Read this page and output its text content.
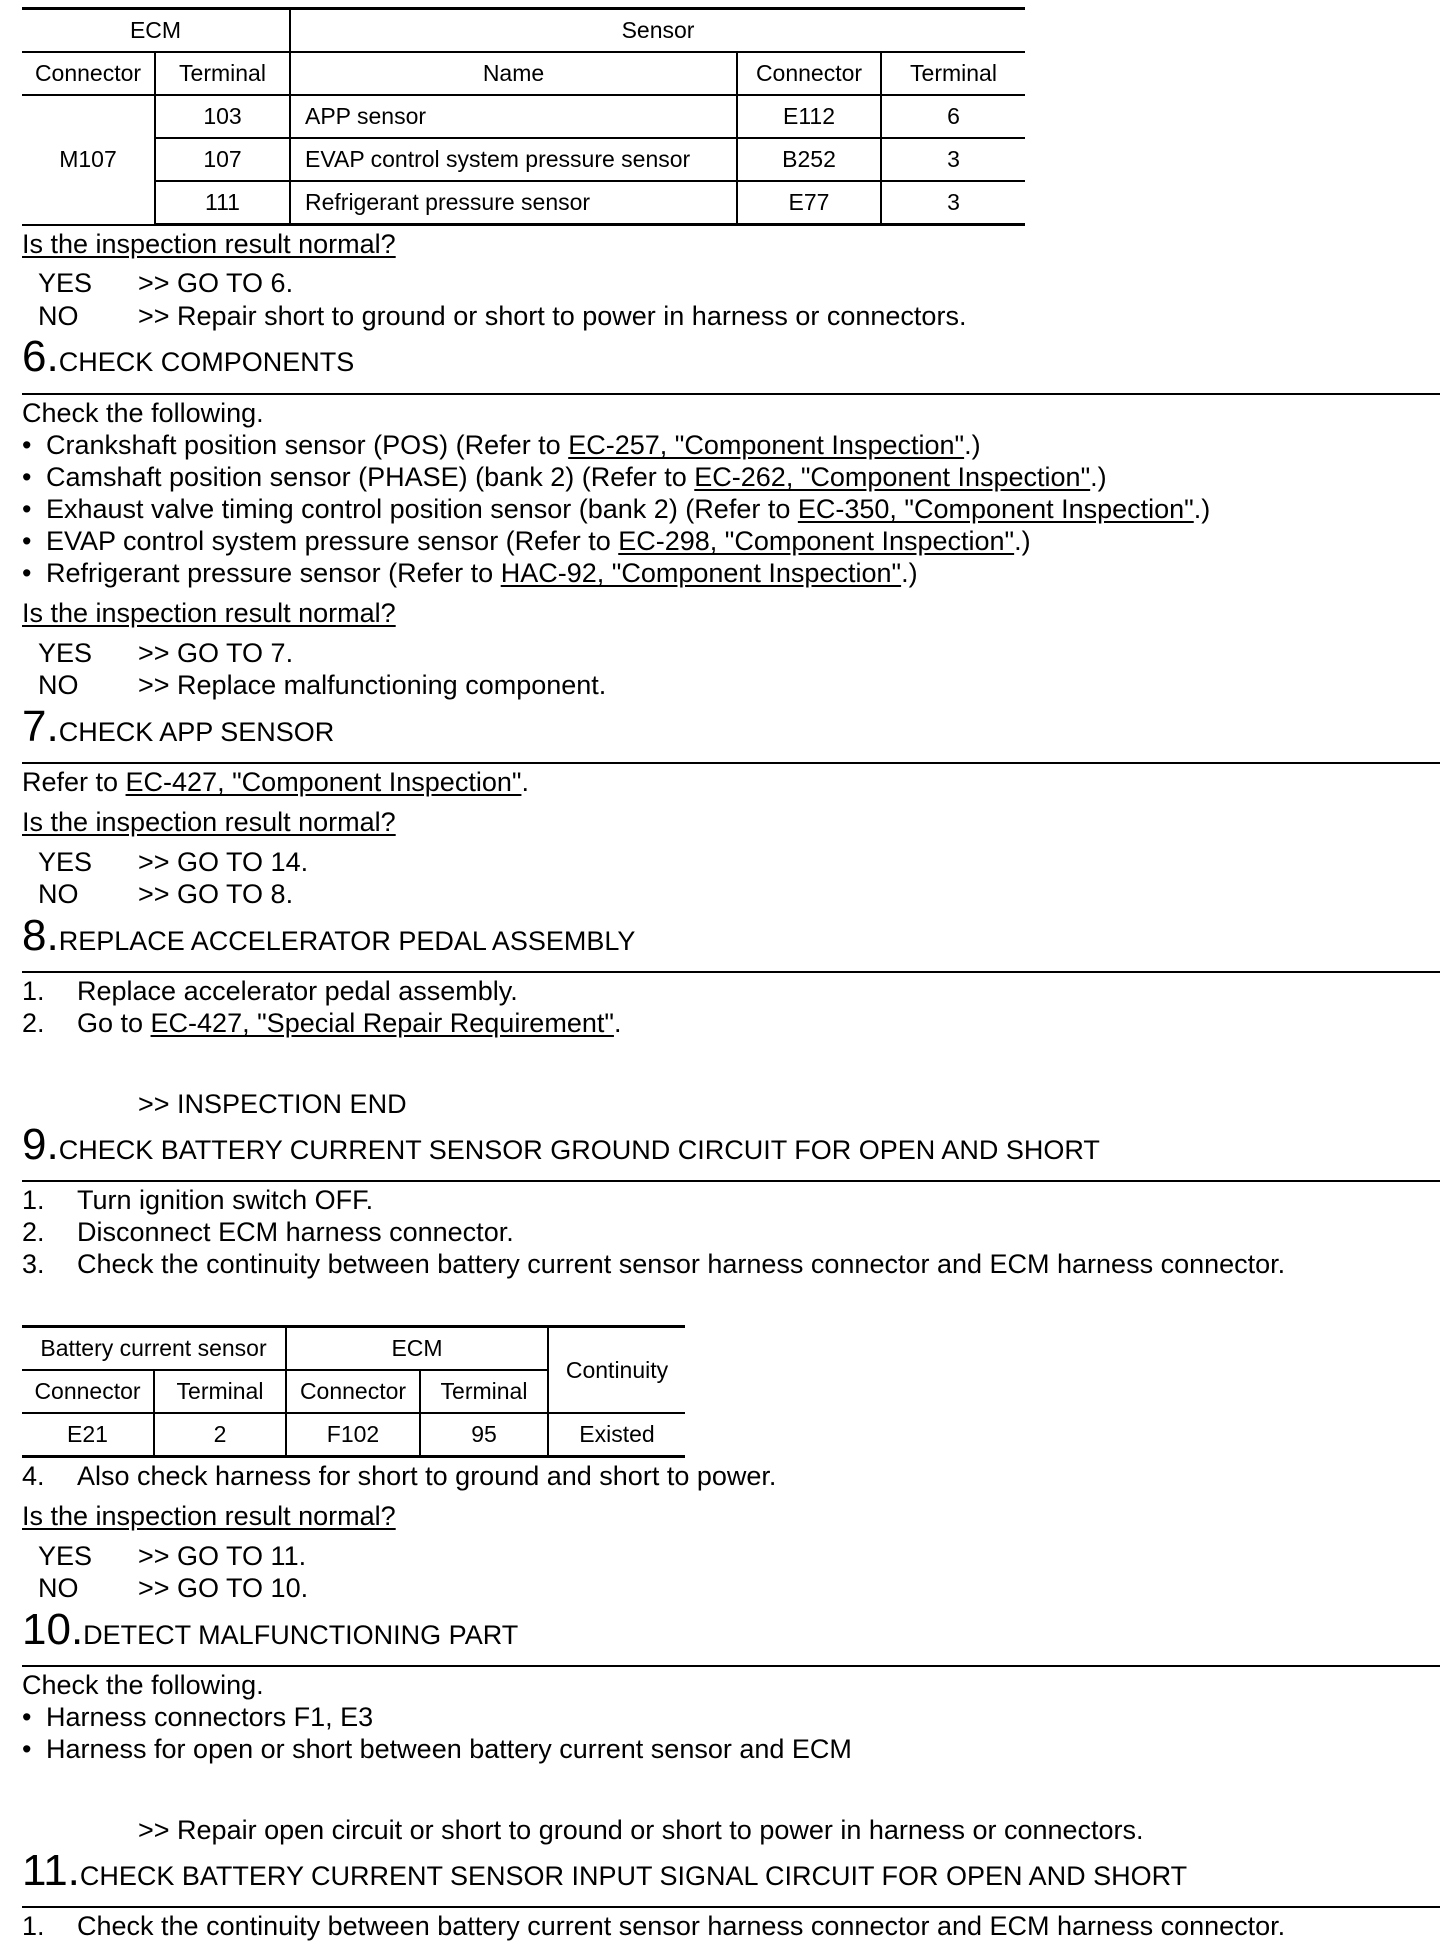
ECM		Sensor		
Connector	Terminal	Name	Connector	Terminal
M107	103	APP sensor	E112	6
	107	EVAP control system pressure sensor	B252	3
	111	Refrigerant pressure sensor	E77	3
Is the inspection result normal?
YES >> GO TO 6.
NO >> Repair short to ground or short to power in harness or connectors.
6.CHECK COMPONENTS
Check the following.
• Crankshaft position sensor (POS) (Refer to EC-257, "Component Inspection".)
• Camshaft position sensor (PHASE) (bank 2) (Refer to EC-262, "Component Inspection".)
• Exhaust valve timing control position sensor (bank 2) (Refer to EC-350, "Component Inspection".)
• EVAP control system pressure sensor (Refer to EC-298, "Component Inspection".)
• Refrigerant pressure sensor (Refer to HAC-92, "Component Inspection".)
Is the inspection result normal?
YES >> GO TO 7.
NO >> Replace malfunctioning component.
7.CHECK APP SENSOR
Refer to EC-427, "Component Inspection".
Is the inspection result normal?
YES >> GO TO 14.
NO >> GO TO 8.
8.REPLACE ACCELERATOR PEDAL ASSEMBLY
1. Replace accelerator pedal assembly.
2. Go to EC-427, "Special Repair Requirement".
>> INSPECTION END
9.CHECK BATTERY CURRENT SENSOR GROUND CIRCUIT FOR OPEN AND SHORT
1. Turn ignition switch OFF.
2. Disconnect ECM harness connector.
3. Check the continuity between battery current sensor harness connector and ECM harness connector.
Battery current sensor		ECM		Continuity
Connector	Terminal	Connector	Terminal	
E21	2	F102	95	Existed
4. Also check harness for short to ground and short to power.
Is the inspection result normal?
YES >> GO TO 11.
NO >> GO TO 10.
10.DETECT MALFUNCTIONING PART
Check the following.
• Harness connectors F1, E3
• Harness for open or short between battery current sensor and ECM
>> Repair open circuit or short to ground or short to power in harness or connectors.
11.CHECK BATTERY CURRENT SENSOR INPUT SIGNAL CIRCUIT FOR OPEN AND SHORT
1. Check the continuity between battery current sensor harness connector and ECM harness connector.
